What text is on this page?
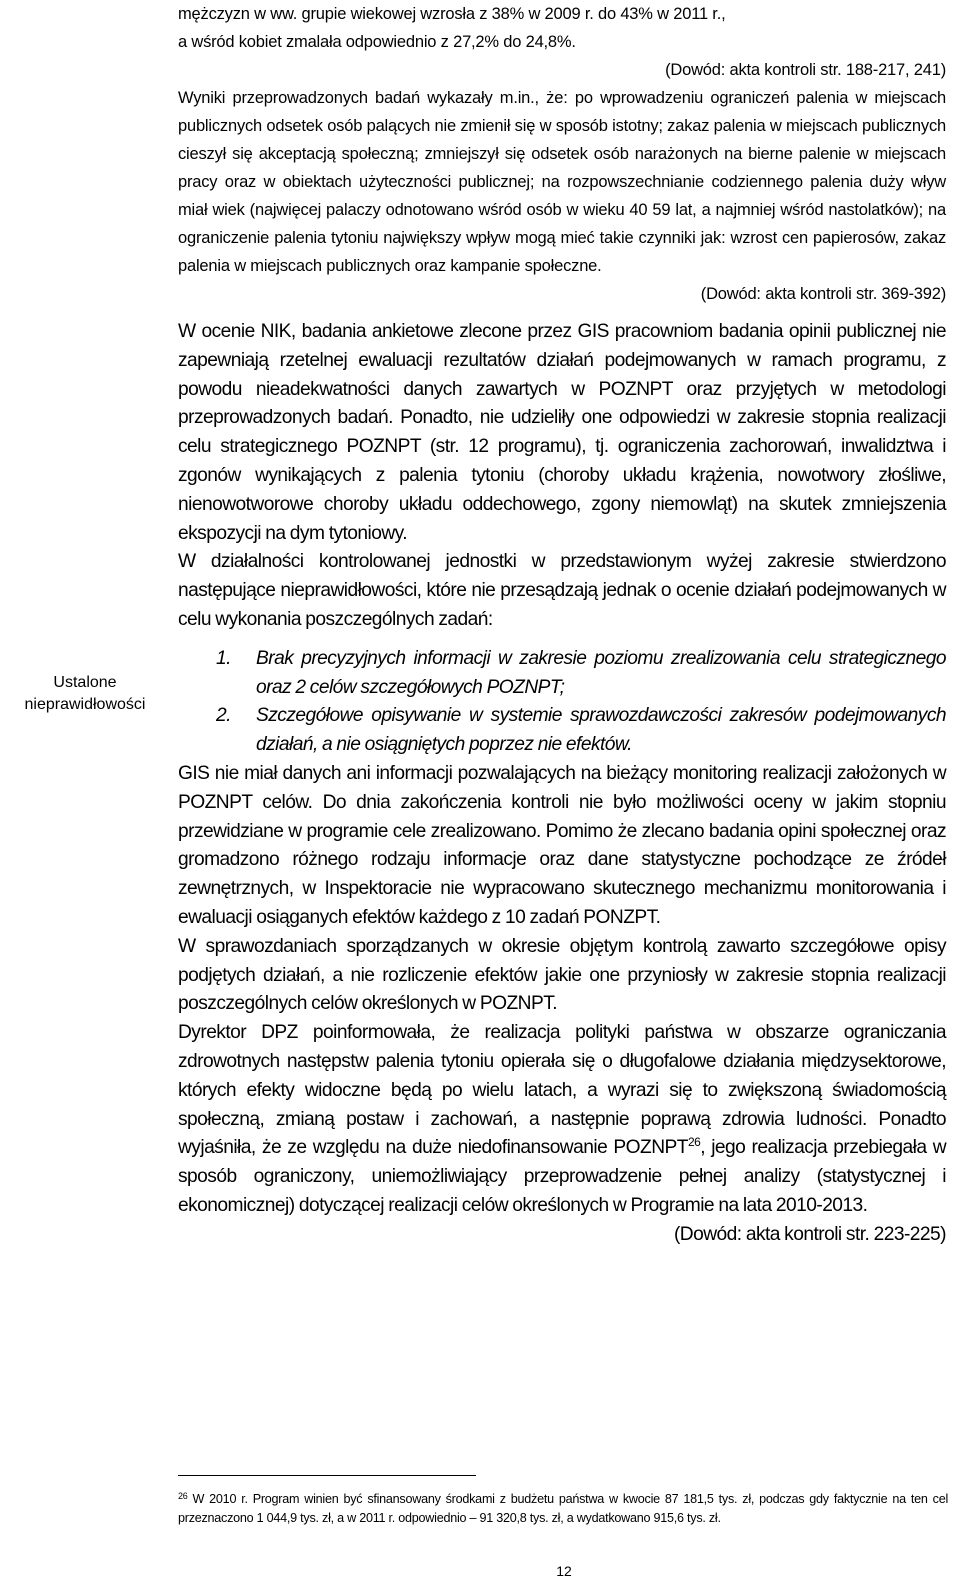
Ustalone
nieprawidłowości

mężczyzn w ww. grupie wiekowej wzrosła z 38% w 2009 r. do 43% w 2011 r.,

a wśród kobiet zmalała odpowiednio z 27,2% do 24,8%.

(Dowód: akta kontroli str. 188-217, 241)

Wyniki przeprowadzonych badań wykazały m.in., że: po wprowadzeniu ograniczeń palenia w miejscach publicznych odsetek osób palących nie zmienił się w sposób istotny; zakaz palenia w miejscach publicznych cieszył się akceptacją społeczną; zmniejszył się odsetek osób narażonych na bierne palenie w miejscach pracy oraz w obiektach użyteczności publicznej; na rozpowszechnianie codziennego palenia duży wływ miał wiek (najwięcej palaczy odnotowano wśród osób w wieku 40 59 lat, a najmniej wśród nastolatków); na ograniczenie palenia tytoniu największy wpływ mogą mieć takie czynniki jak: wzrost cen papierosów, zakaz palenia w miejscach publicznych oraz kampanie społeczne.

(Dowód: akta kontroli str. 369-392)

W ocenie NIK, badania ankietowe zlecone przez GIS pracowniom badania opinii publicznej nie zapewniają rzetelnej ewaluacji rezultatów działań podejmowanych w ramach programu, z powodu nieadekwatności danych zawartych w POZNPT oraz przyjętych w metodologi przeprowadzonych badań. Ponadto, nie udzieliły one odpowiedzi w zakresie stopnia realizacji celu strategicznego POZNPT (str. 12 programu), tj. ograniczenia zachorowań, inwalidztwa i zgonów wynikających z palenia tytoniu (choroby układu krążenia, nowotwory złośliwe, nienowotworowe choroby układu oddechowego, zgony niemowląt) na skutek zmniejszenia ekspozycji na dym tytoniowy.

W działalności kontrolowanej jednostki w przedstawionym wyżej zakresie stwierdzono następujące nieprawidłowości, które nie przesądzają jednak o ocenie działań podejmowanych w celu wykonania poszczególnych zadań:

1. Brak precyzyjnych informacji w zakresie poziomu zrealizowania celu strategicznego oraz 2 celów szczegółowych POZNPT;
2. Szczegółowe opisywanie w systemie sprawozdawczości zakresów podejmowanych działań, a nie osiągniętych poprzez nie efektów.

GIS nie miał danych ani informacji pozwalających na bieżący monitoring realizacji założonych w POZNPT celów. Do dnia zakończenia kontroli nie było możliwości oceny w jakim stopniu przewidziane w programie cele zrealizowano. Pomimo że zlecano badania opini społecznej oraz gromadzono różnego rodzaju informacje oraz dane statystyczne pochodzące ze źródeł zewnętrznych, w Inspektoracie nie wypracowano skutecznego mechanizmu monitorowania i ewaluacji osiąganych efektów każdego z 10 zadań PONZPT.

W sprawozdaniach sporządzanych w okresie objętym kontrolą zawarto szczegółowe opisy podjętych działań, a nie rozliczenie efektów jakie one przyniosły w zakresie stopnia realizacji poszczególnych celów określonych w POZNPT.

Dyrektor DPZ poinformowała, że realizacja polityki państwa w obszarze ograniczania zdrowotnych następstw palenia tytoniu opierała się o długofalowe działania międzysektorowe, których efekty widoczne będą po wielu latach, a wyrazi się to zwiększoną świadomością społeczną, zmianą postaw i zachowań, a następnie poprawą zdrowia ludności. Ponadto wyjaśniła, że ze względu na duże niedofinansowanie POZNPT$^{26}$, jego realizacja przebiegała w sposób ograniczony, uniemożliwiający przeprowadzenie pełnej analizy (statystycznej i ekonomicznej) dotyczącej realizacji celów określonych w Programie na lata 2010-2013.

(Dowód: akta kontroli str. 223-225)

$^{26}$ W 2010 r. Program winien być sfinansowany środkami z budżetu państwa w kwocie 87 181,5 tys. zł, podczas gdy faktycznie na ten cel przeznaczono 1 044,9 tys. zł, a w 2011 r. odpowiednio – 91 320,8 tys. zł, a wydatkowano 915,6 tys. zł.
12
